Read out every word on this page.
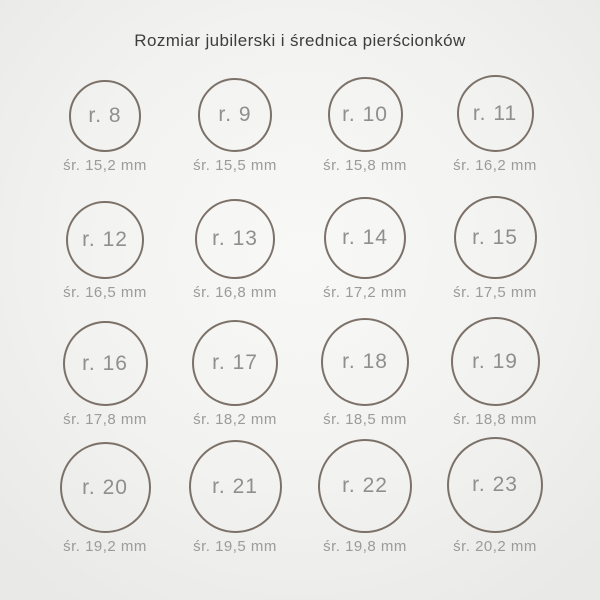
Rozmiar jubilerski i średnica pierścionków
r. 8
śr. 15,2 mm
r. 9
śr. 15,5 mm
r. 10
śr. 15,8 mm
r. 11
śr. 16,2 mm
r. 12
śr. 16,5 mm
r. 13
śr. 16,8 mm
r. 14
śr. 17,2 mm
r. 15
śr. 17,5 mm
r. 16
śr. 17,8 mm
r. 17
śr. 18,2 mm
r. 18
śr. 18,5 mm
r. 19
śr. 18,8 mm
r. 20
śr. 19,2 mm
r. 21
śr. 19,5 mm
r. 22
śr. 19,8 mm
r. 23
śr. 20,2 mm
